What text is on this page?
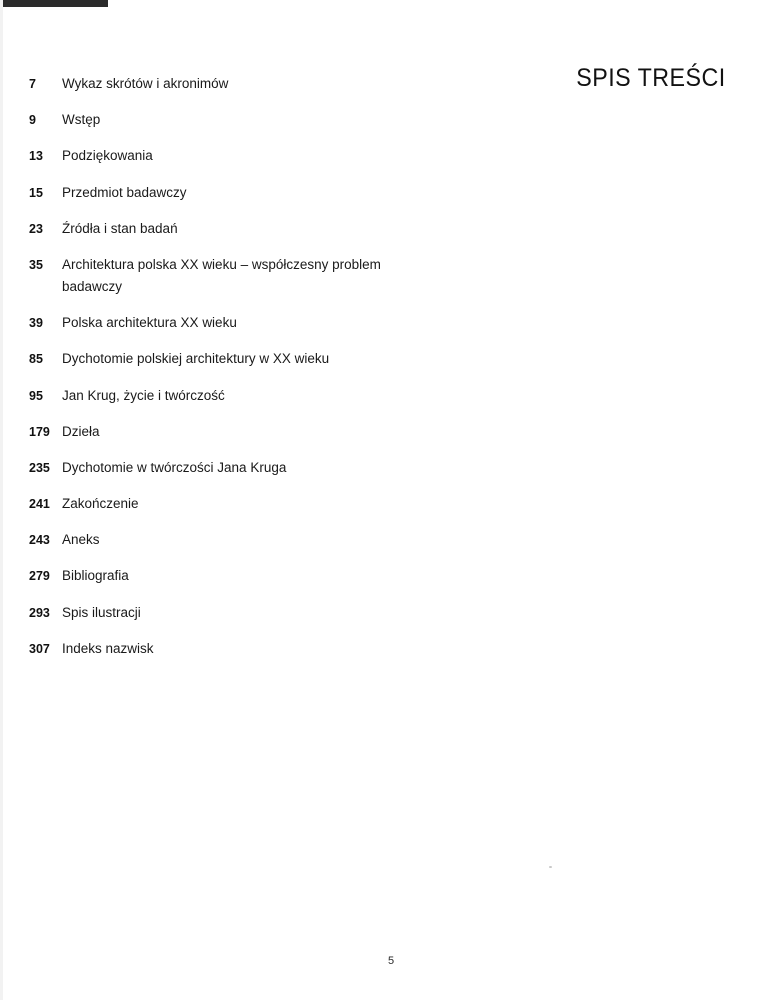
SPIS TREŚCI
7	Wykaz skrótów i akronimów
9	Wstęp
13	Podziękowania
15	Przedmiot badawczy
23	Źródła i stan badań
35	Architektura polska XX wieku – współczesny problem badawczy
39	Polska architektura XX wieku
85	Dychotomie polskiej architektury w XX wieku
95	Jan Krug, życie i twórczość
179 Dzieła
235 Dychotomie w twórczości Jana Kruga
241 Zakończenie
243 Aneks
279 Bibliografia
293 Spis ilustracji
307 Indeks nazwisk
5
